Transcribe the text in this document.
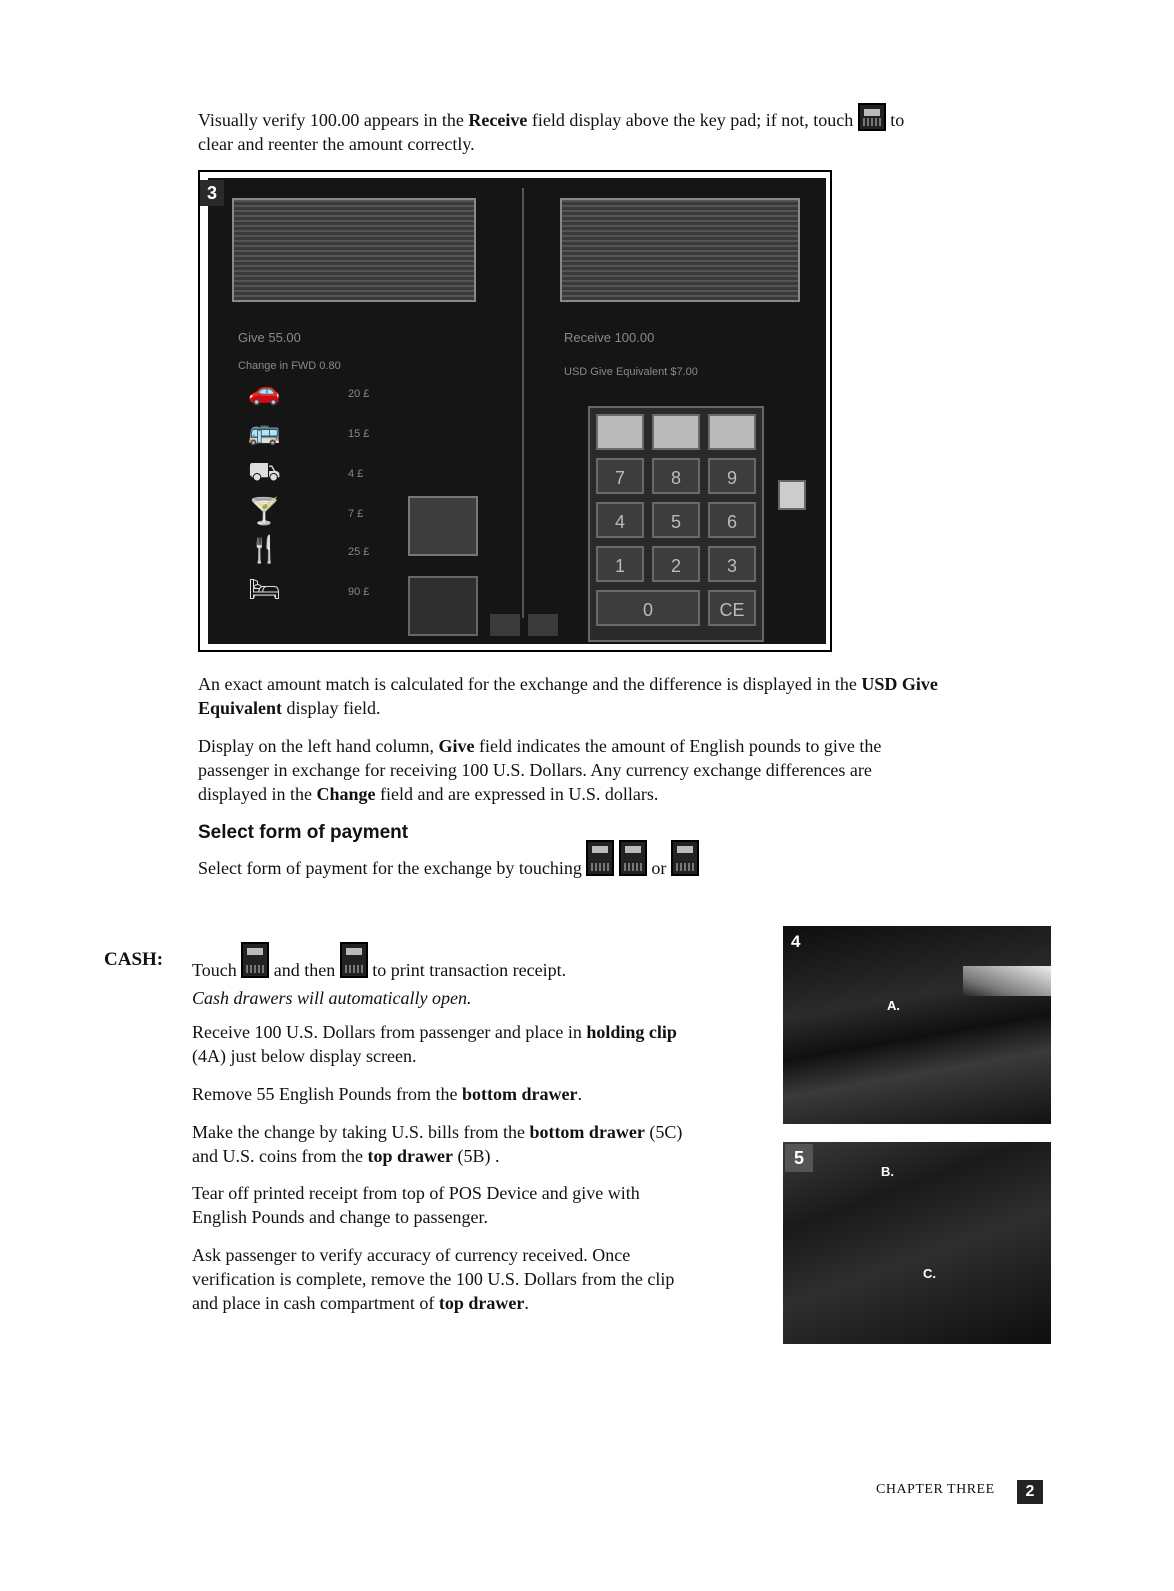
Visually verify 100.00 appears in the Receive field display above the key pad; if not, touch to
clear and reenter the amount correctly.
3
Give 55.00
Change in FWD 0.80
Receive 100.00
USD Give Equivalent $7.00
🚗	20 £
🚌	15 £
⛟	4 £
🍸	7 £
🍴	25 £
🛏	90 £
7	8	9
4	5	6
1	2	3
0	CE
An exact amount match is calculated for the exchange and the difference is displayed in the USD Give
Equivalent display field.
Display on the left hand column, Give field indicates the amount of English pounds to give the
passenger in exchange for receiving 100 U.S. Dollars. Any currency exchange differences are
displayed in the Change field and are expressed in U.S. dollars.
Select form of payment
Select form of payment for the exchange by touching	or
CASH: Touch and then to print transaction receipt.
Cash drawers will automatically open.
Receive 100 U.S. Dollars from passenger and place in holding clip
(4A) just below display screen.
Remove 55 English Pounds from the bottom drawer.
Make the change by taking U.S. bills from the bottom drawer (5C)
and U.S. coins from the top drawer (5B) .
Tear off printed receipt from top of POS Device and give with
English Pounds and change to passenger.
Ask passenger to verify accuracy of currency received. Once
verification is complete, remove the 100 U.S. Dollars from the clip
and place in cash compartment of top drawer.
4
A.
5
B.
C.
CHAPTER THREE	2
